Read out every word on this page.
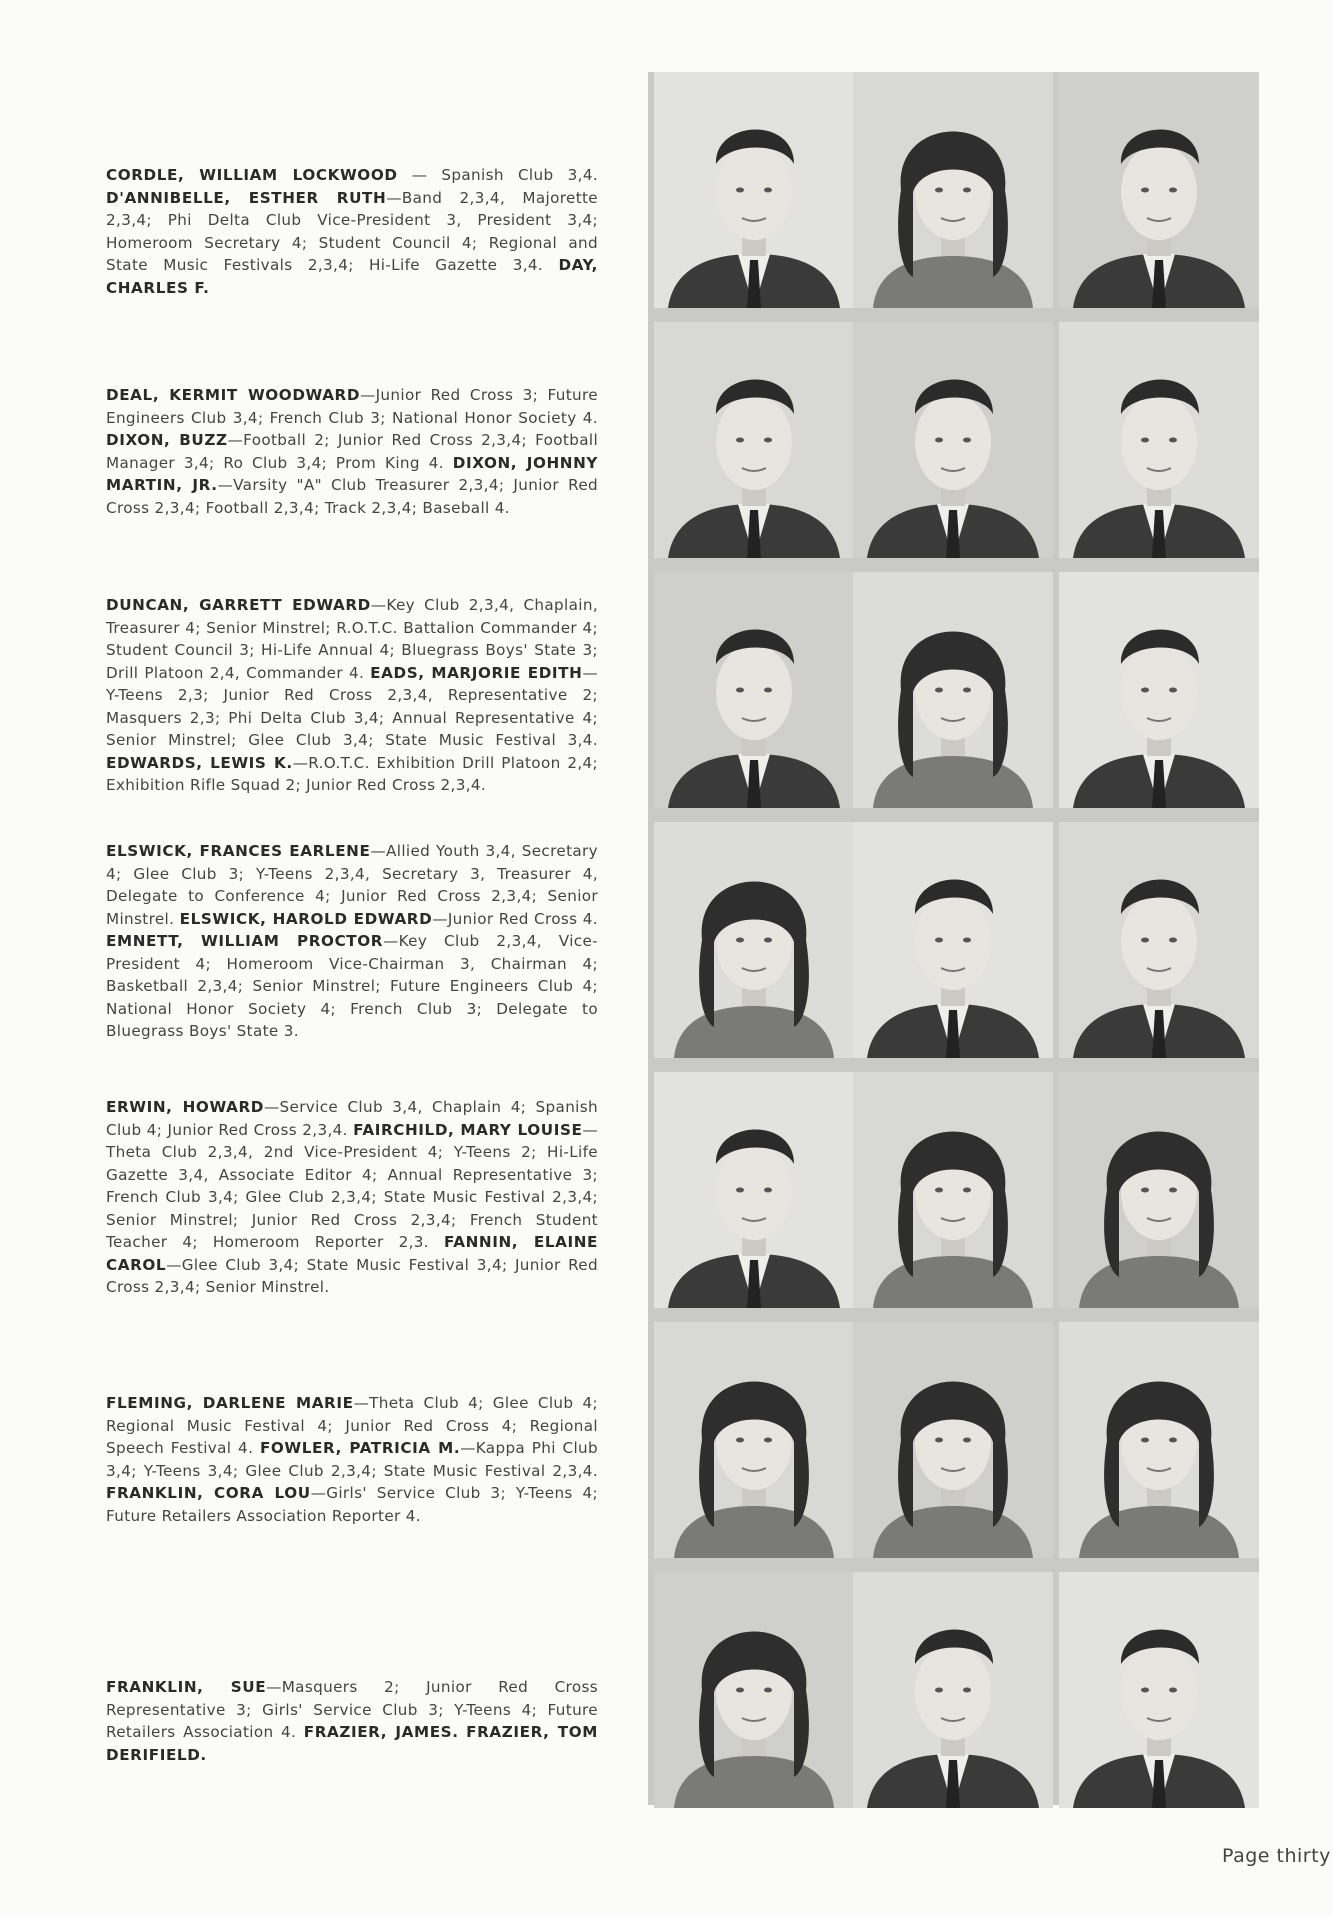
CORDLE, WILLIAM LOCKWOOD — Spanish Club 3,4. D'ANNIBELLE, ESTHER RUTH—Band 2,3,4, Majorette 2,3,4; Phi Delta Club Vice-President 3, President 3,4; Homeroom Secretary 4; Student Council 4; Regional and State Music Festivals 2,3,4; Hi-Life Gazette 3,4. DAY, CHARLES F.

DEAL, KERMIT WOODWARD—Junior Red Cross 3; Future Engineers Club 3,4; French Club 3; National Honor Society 4. DIXON, BUZZ—Football 2; Junior Red Cross 2,3,4; Football Manager 3,4; Ro Club 3,4; Prom King 4. DIXON, JOHNNY MARTIN, JR.—Varsity "A" Club Treasurer 2,3,4; Junior Red Cross 2,3,4; Football 2,3,4; Track 2,3,4; Baseball 4.

DUNCAN, GARRETT EDWARD—Key Club 2,3,4, Chaplain, Treasurer 4; Senior Minstrel; R.O.T.C. Battalion Commander 4; Student Council 3; Hi-Life Annual 4; Bluegrass Boys' State 3; Drill Platoon 2,4, Commander 4. EADS, MARJORIE EDITH—Y-Teens 2,3; Junior Red Cross 2,3,4, Representative 2; Masquers 2,3; Phi Delta Club 3,4; Annual Representative 4; Senior Minstrel; Glee Club 3,4; State Music Festival 3,4. EDWARDS, LEWIS K.—R.O.T.C. Exhibition Drill Platoon 2,4; Exhibition Rifle Squad 2; Junior Red Cross 2,3,4.

ELSWICK, FRANCES EARLENE—Allied Youth 3,4, Secretary 4; Glee Club 3; Y-Teens 2,3,4, Secretary 3, Treasurer 4, Delegate to Conference 4; Junior Red Cross 2,3,4; Senior Minstrel. ELSWICK, HAROLD EDWARD—Junior Red Cross 4. EMNETT, WILLIAM PROCTOR—Key Club 2,3,4, Vice-President 4; Homeroom Vice-Chairman 3, Chairman 4; Basketball 2,3,4; Senior Minstrel; Future Engineers Club 4; National Honor Society 4; French Club 3; Delegate to Bluegrass Boys' State 3.

ERWIN, HOWARD—Service Club 3,4, Chaplain 4; Spanish Club 4; Junior Red Cross 2,3,4. FAIRCHILD, MARY LOUISE—Theta Club 2,3,4, 2nd Vice-President 4; Y-Teens 2; Hi-Life Gazette 3,4, Associate Editor 4; Annual Representative 3; French Club 3,4; Glee Club 2,3,4; State Music Festival 2,3,4; Senior Minstrel; Junior Red Cross 2,3,4; French Student Teacher 4; Homeroom Reporter 2,3. FANNIN, ELAINE CAROL—Glee Club 3,4; State Music Festival 3,4; Junior Red Cross 2,3,4; Senior Minstrel.

FLEMING, DARLENE MARIE—Theta Club 4; Glee Club 4; Regional Music Festival 4; Junior Red Cross 4; Regional Speech Festival 4. FOWLER, PATRICIA M.—Kappa Phi Club 3,4; Y-Teens 3,4; Glee Club 2,3,4; State Music Festival 2,3,4. FRANKLIN, CORA LOU—Girls' Service Club 3; Y-Teens 4; Future Retailers Association Reporter 4.

FRANKLIN, SUE—Masquers 2; Junior Red Cross Representative 3; Girls' Service Club 3; Y-Teens 4; Future Retailers Association 4. FRAZIER, JAMES. FRAZIER, TOM DERIFIELD.

Page thirty
